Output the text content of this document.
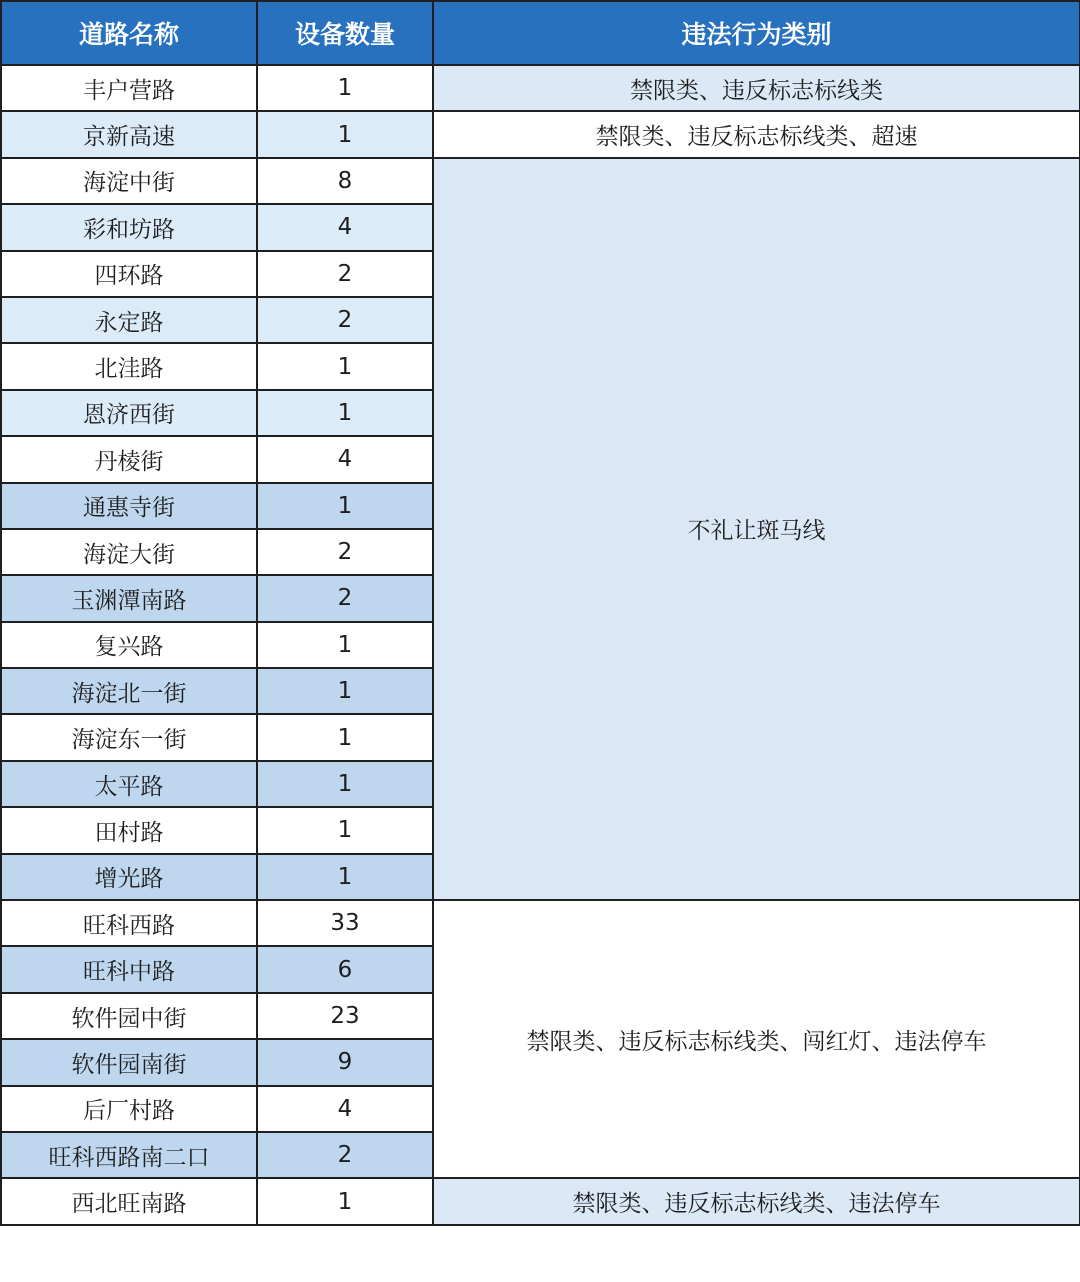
道路名称	设备数量	违法行为类别
丰户营路	1	禁限类、违反标志标线类
京新高速	1	禁限类、违反标志标线类、超速
海淀中街	8	不礼让斑马线
彩和坊路	4	
四环路	2	
永定路	2	
北洼路	1	
恩济西街	1	
丹棱街	4	
通惠寺街	1	
海淀大街	2	
玉渊潭南路	2	
复兴路	1	
海淀北一街	1	
海淀东一街	1	
太平路	1	
田村路	1	
增光路	1	
旺科西路	33	禁限类、违反标志标线类、闯红灯、违法停车
旺科中路	6	
软件园中街	23	
软件园南街	9	
后厂村路	4	
旺科西路南二口	2	
西北旺南路	1	禁限类、违反标志标线类、违法停车
